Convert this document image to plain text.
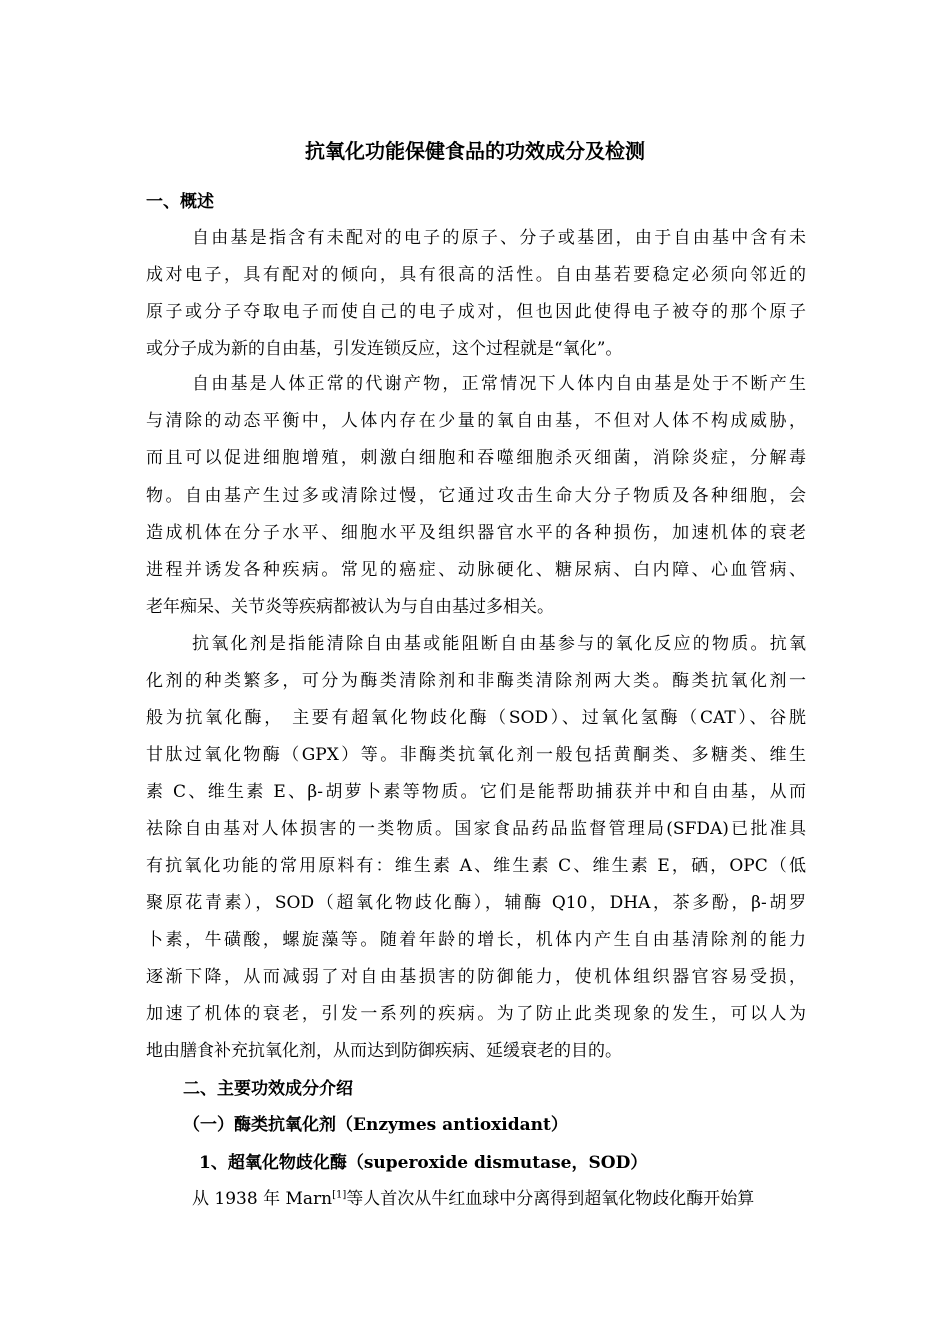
抗氧化功能保健食品的功效成分及检测
一、概述
自由基是指含有未配对的电子的原子、分子或基团，由于自由基中含有未
成对电子，具有配对的倾向，具有很高的活性。自由基若要稳定必须向邻近的
原子或分子夺取电子而使自己的电子成对，但也因此使得电子被夺的那个原子
或分子成为新的自由基，引发连锁反应，这个过程就是“氧化”。
自由基是人体正常的代谢产物，正常情况下人体内自由基是处于不断产生
与清除的动态平衡中，人体内存在少量的氧自由基，不但对人体不构成威胁，
而且可以促进细胞增殖，刺激白细胞和吞噬细胞杀灭细菌，消除炎症，分解毒
物。自由基产生过多或清除过慢，它通过攻击生命大分子物质及各种细胞，会
造成机体在分子水平、细胞水平及组织器官水平的各种损伤，加速机体的衰老
进程并诱发各种疾病。常见的癌症、动脉硬化、糖尿病、白内障、心血管病、
老年痴呆、关节炎等疾病都被认为与自由基过多相关。
抗氧化剂是指能清除自由基或能阻断自由基参与的氧化反应的物质。抗氧
化剂的种类繁多，可分为酶类清除剂和非酶类清除剂两大类。酶类抗氧化剂一
般为抗氧化酶， 主要有超氧化物歧化酶（SOD）、过氧化氢酶（CAT）、谷胱
甘肽过氧化物酶（GPX）等。非酶类抗氧化剂一般包括黄酮类、多糖类、维生
素 C、维生素 E、β-胡萝卜素等物质。它们是能帮助捕获并中和自由基，从而
祛除自由基对人体损害的一类物质。国家食品药品监督管理局(SFDA)已批准具
有抗氧化功能的常用原料有：维生素 A、维生素 C、维生素 E，硒，OPC（低
聚原花青素），SOD（超氧化物歧化酶），辅酶 Q10，DHA，茶多酚，β-胡罗
卜素，牛磺酸，螺旋藻等。随着年龄的增长，机体内产生自由基清除剂的能力
逐渐下降，从而减弱了对自由基损害的防御能力，使机体组织器官容易受损，
加速了机体的衰老，引发一系列的疾病。为了防止此类现象的发生，可以人为
地由膳食补充抗氧化剂，从而达到防御疾病、延缓衰老的目的。
二、主要功效成分介绍
（一）酶类抗氧化剂（Enzymes antioxidant）
1、超氧化物歧化酶（superoxide dismutase，SOD）
从 1938 年 Marn[1]等人首次从牛红血球中分离得到超氧化物歧化酶开始算
